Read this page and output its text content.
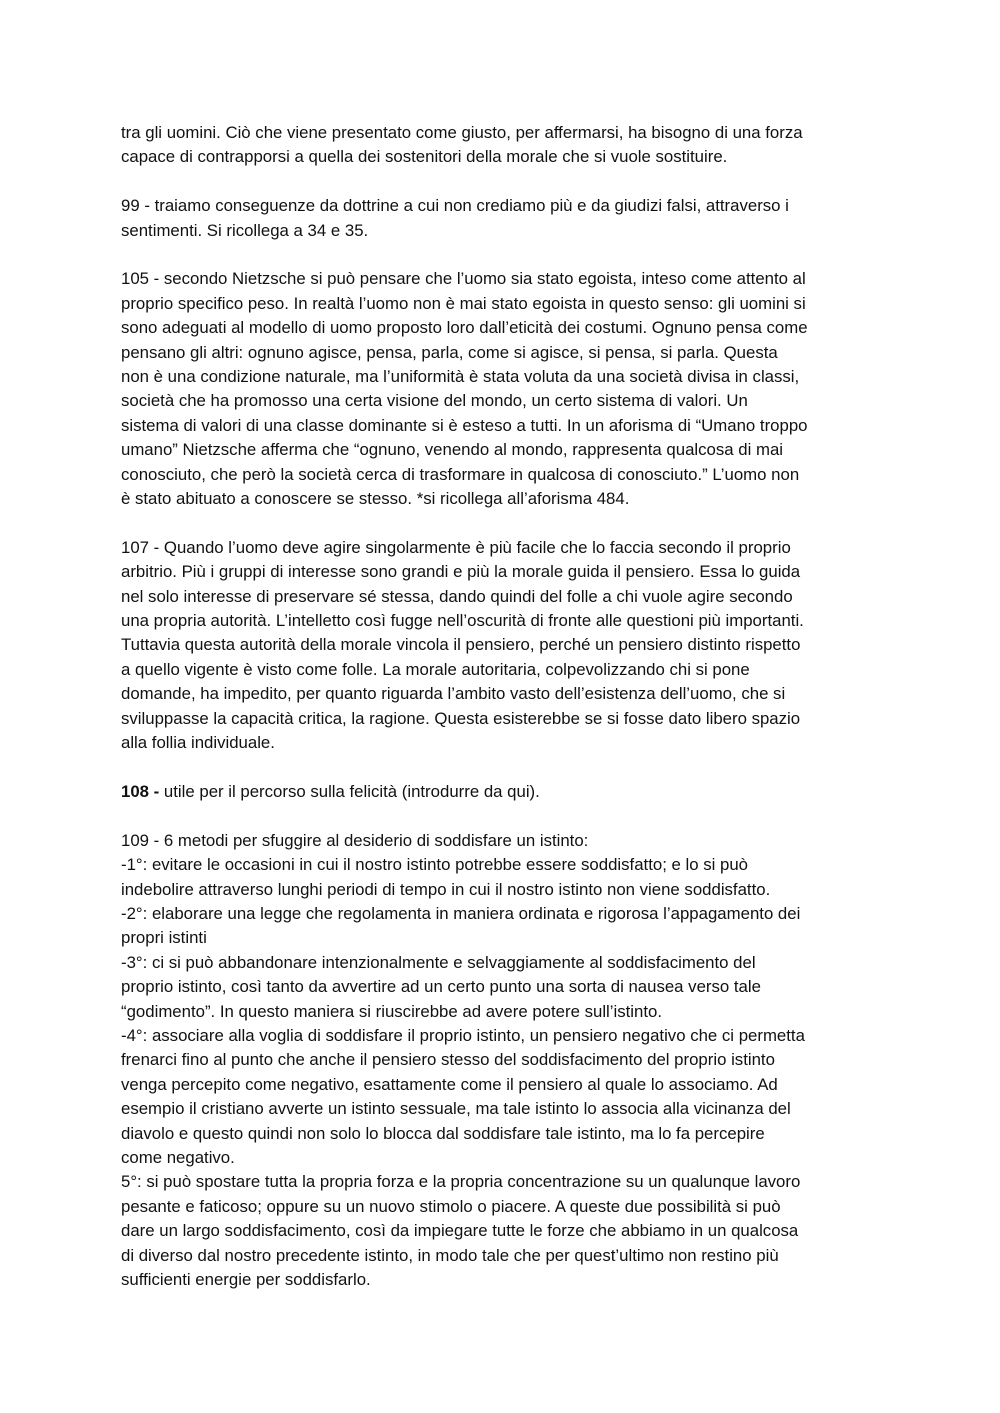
tra gli uomini. Ciò che viene presentato come giusto, per affermarsi, ha bisogno di una forza
capace di contrapporsi a quella dei sostenitori della morale che si vuole sostituire.

99 - traiamo conseguenze da dottrine a cui non crediamo più e da giudizi falsi, attraverso i
sentimenti. Si ricollega a 34 e 35.

105 - secondo Nietzsche si può pensare che l’uomo sia stato egoista, inteso come attento al
proprio specifico peso. In realtà l’uomo non è mai stato egoista in questo senso: gli uomini si
sono adeguati al modello di uomo proposto loro dall’eticità dei costumi. Ognuno pensa come
pensano gli altri: ognuno agisce, pensa, parla, come si agisce, si pensa, si parla. Questa
non è una condizione naturale, ma l’uniformità è stata voluta da una società divisa in classi,
società che ha promosso una certa visione del mondo, un certo sistema di valori. Un
sistema di valori di una classe dominante si è esteso a tutti. In un aforisma di “Umano troppo
umano” Nietzsche afferma che “ognuno, venendo al mondo, rappresenta qualcosa di mai
conosciuto, che però la società cerca di trasformare in qualcosa di conosciuto.” L’uomo non
è stato abituato a conoscere se stesso. *si ricollega all’aforisma 484.

107 - Quando l’uomo deve agire singolarmente è più facile che lo faccia secondo il proprio
arbitrio. Più i gruppi di interesse sono grandi e più la morale guida il pensiero. Essa lo guida
nel solo interesse di preservare sé stessa, dando quindi del folle a chi vuole agire secondo
una propria autorità. L’intelletto così fugge nell’oscurità di fronte alle questioni più importanti.
Tuttavia questa autorità della morale vincola il pensiero, perché un pensiero distinto rispetto
a quello vigente è visto come folle. La morale autoritaria, colpevolizzando chi si pone
domande, ha impedito, per quanto riguarda l’ambito vasto dell’esistenza dell’uomo, che si
sviluppasse la capacità critica, la ragione. Questa esisterebbe se si fosse dato libero spazio
alla follia individuale.

108 - utile per il percorso sulla felicità (introdurre da qui).

109 - 6 metodi per sfuggire al desiderio di soddisfare un istinto:
-1°: evitare le occasioni in cui il nostro istinto potrebbe essere soddisfatto; e lo si può
indebolire attraverso lunghi periodi di tempo in cui il nostro istinto non viene soddisfatto.
-2°: elaborare una legge che regolamenta in maniera ordinata e rigorosa l’appagamento dei
propri istinti
-3°: ci si può abbandonare intenzionalmente e selvaggiamente al soddisfacimento del
proprio istinto, così tanto da avvertire ad un certo punto una sorta di nausea verso tale
“godimento”. In questo maniera si riuscirebbe ad avere potere sull’istinto.
-4°: associare alla voglia di soddisfare il proprio istinto, un pensiero negativo che ci permetta
frenarci fino al punto che anche il pensiero stesso del soddisfacimento del proprio istinto
venga percepito come negativo, esattamente come il pensiero al quale lo associamo. Ad
esempio il cristiano avverte un istinto sessuale, ma tale istinto lo associa alla vicinanza del
diavolo e questo quindi non solo lo blocca dal soddisfare tale istinto, ma lo fa percepire
come negativo.
5°: si può spostare tutta la propria forza e la propria concentrazione su un qualunque lavoro
pesante e faticoso; oppure su un nuovo stimolo o piacere. A queste due possibilità si può
dare un largo soddisfacimento, così da impiegare tutte le forze che abbiamo in un qualcosa
di diverso dal nostro precedente istinto, in modo tale che per quest’ultimo non restino più
sufficienti energie per soddisfarlo.
